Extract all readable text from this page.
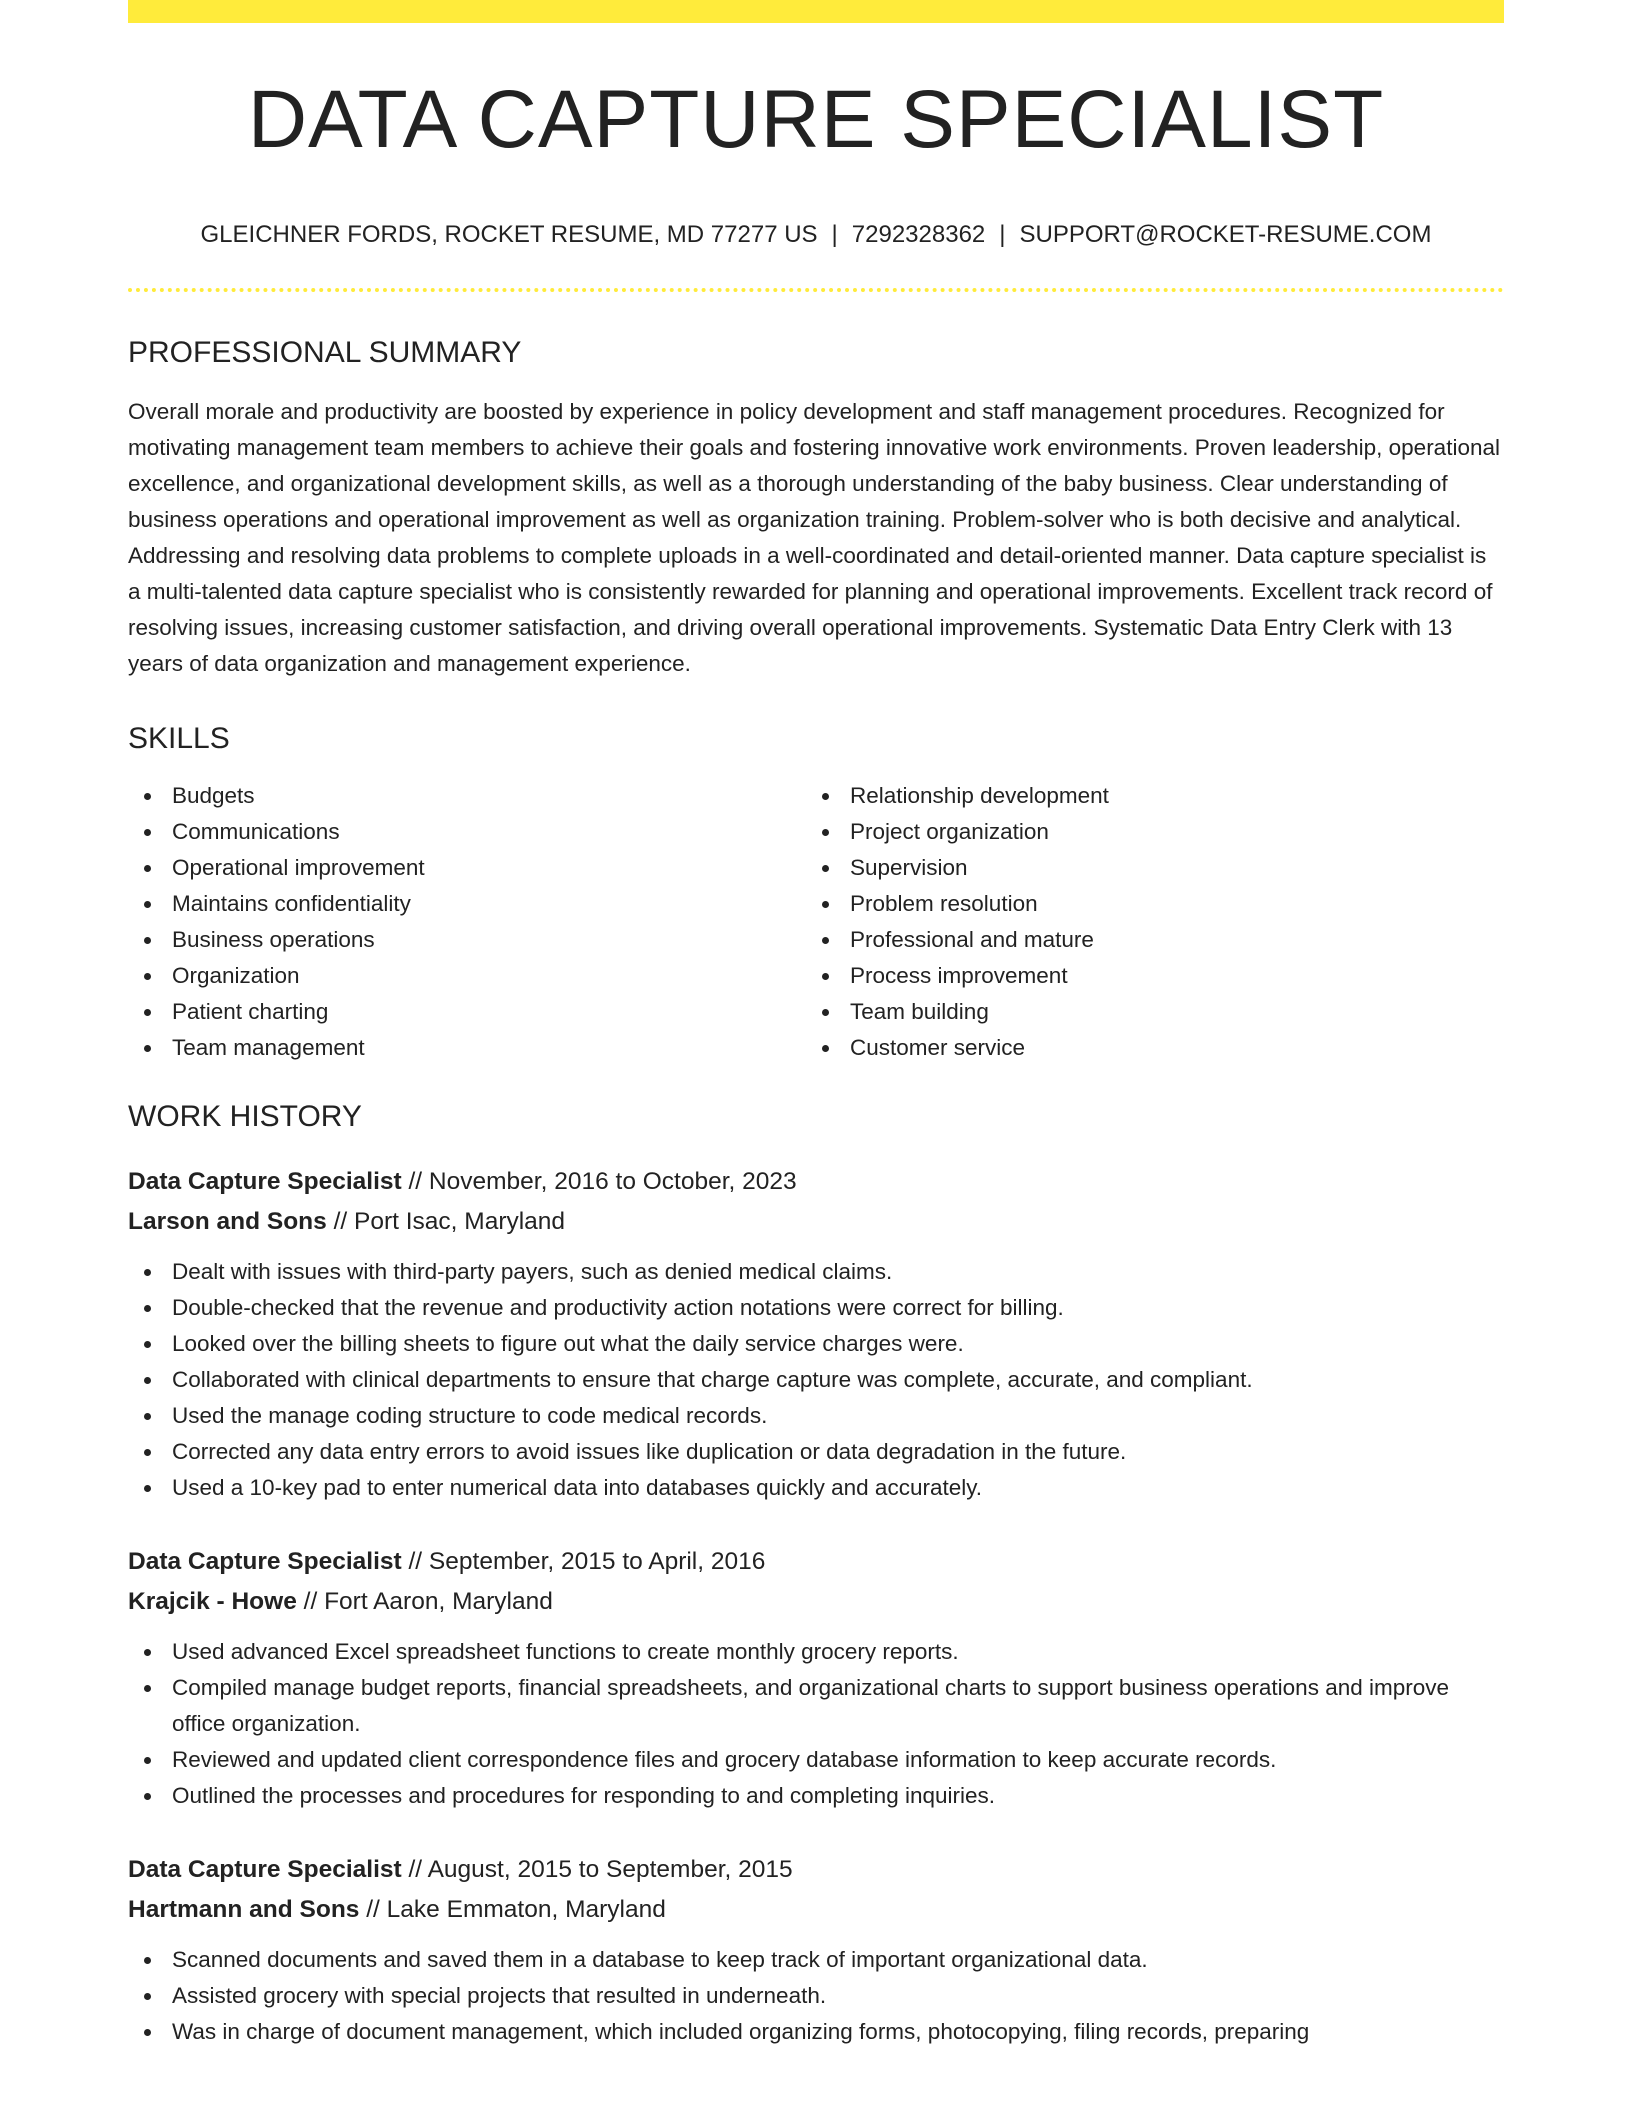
DATA CAPTURE SPECIALIST
GLEICHNER FORDS, ROCKET RESUME, MD 77277 US | 7292328362 | SUPPORT@ROCKET-RESUME.COM
PROFESSIONAL SUMMARY

Overall morale and productivity are boosted by experience in policy development and staff management procedures. Recognized for motivating management team members to achieve their goals and fostering innovative work environments. Proven leadership, operational excellence, and organizational development skills, as well as a thorough understanding of the baby business. Clear understanding of business operations and operational improvement as well as organization training. Problem-solver who is both decisive and analytical. Addressing and resolving data problems to complete uploads in a well-coordinated and detail-oriented manner. Data capture specialist is a multi-talented data capture specialist who is consistently rewarded for planning and operational improvements. Excellent track record of resolving issues, increasing customer satisfaction, and driving overall operational improvements. Systematic Data Entry Clerk with 13 years of data organization and management experience.

SKILLS
Budgets
Communications
Operational improvement
Maintains confidentiality
Business operations
Organization
Patient charting
Team management
Relationship development
Project organization
Supervision
Problem resolution
Professional and mature
Process improvement
Team building
Customer service
WORK HISTORY
Data Capture Specialist // November, 2016 to October, 2023
Larson and Sons // Port Isac, Maryland
Dealt with issues with third-party payers, such as denied medical claims.
Double-checked that the revenue and productivity action notations were correct for billing.
Looked over the billing sheets to figure out what the daily service charges were.
Collaborated with clinical departments to ensure that charge capture was complete, accurate, and compliant.
Used the manage coding structure to code medical records.
Corrected any data entry errors to avoid issues like duplication or data degradation in the future.
Used a 10-key pad to enter numerical data into databases quickly and accurately.
Data Capture Specialist // September, 2015 to April, 2016
Krajcik - Howe // Fort Aaron, Maryland
Used advanced Excel spreadsheet functions to create monthly grocery reports.
Compiled manage budget reports, financial spreadsheets, and organizational charts to support business operations and improve office organization.
Reviewed and updated client correspondence files and grocery database information to keep accurate records.
Outlined the processes and procedures for responding to and completing inquiries.
Data Capture Specialist // August, 2015 to September, 2015
Hartmann and Sons // Lake Emmaton, Maryland
Scanned documents and saved them in a database to keep track of important organizational data.
Assisted grocery with special projects that resulted in underneath.
Was in charge of document management, which included organizing forms, photocopying, filing records, preparing
